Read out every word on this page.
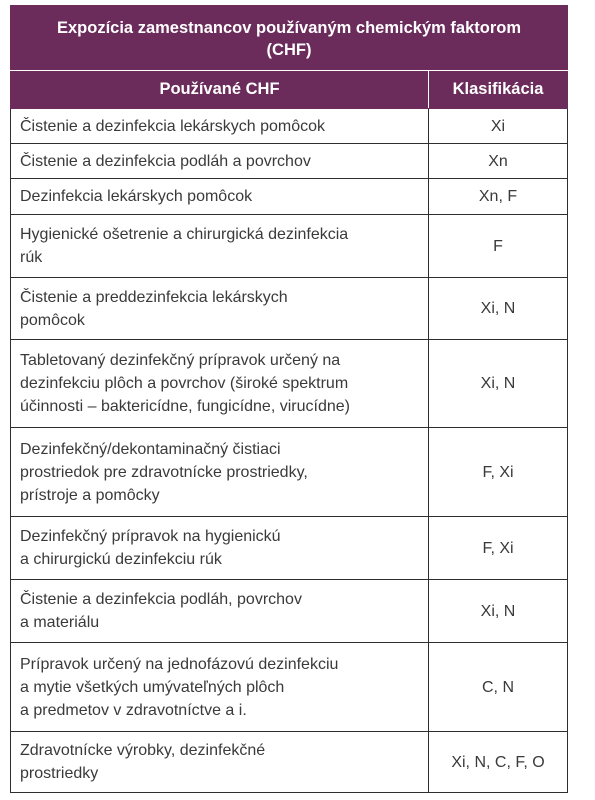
Expozícia zamestnancov používaným chemickým faktorom
(CHF)	
Používané CHF	Klasifikácia
Čistenie a dezinfekcia lekárskych pomôcok	Xi
Čistenie a dezinfekcia podláh a povrchov	Xn
Dezinfekcia lekárskych pomôcok	Xn, F
Hygienické ošetrenie a chirurgická dezinfekcia
rúk	F
Čistenie a preddezinfekcia lekárskych
pomôcok	Xi, N
Tabletovaný dezinfekčný prípravok určený na
dezinfekciu plôch a povrchov (široké spektrum
účinnosti – baktericídne, fungicídne, virucídne)	Xi, N
Dezinfekčný/dekontaminačný čistiaci
prostriedok pre zdravotnícke prostriedky,
prístroje a pomôcky	F, Xi
Dezinfekčný prípravok na hygienickú
a chirurgickú dezinfekciu rúk	F, Xi
Čistenie a dezinfekcia podláh, povrchov
a materiálu	Xi, N
Prípravok určený na jednofázovú dezinfekciu
a mytie všetkých umývateľných plôch
a predmetov v zdravotníctve a i.	C, N
Zdravotnícke výrobky, dezinfekčné
prostriedky	Xi, N, C, F, O
